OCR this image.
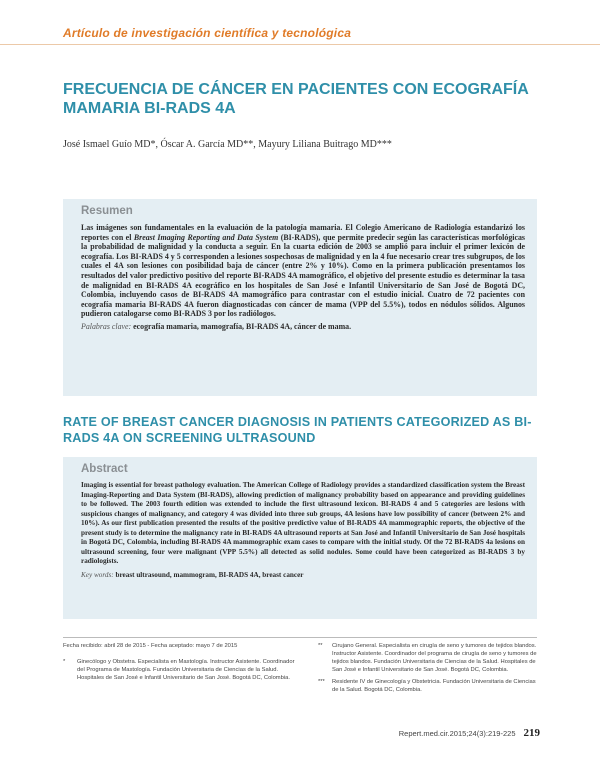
Artículo de investigación científica y tecnológica
FRECUENCIA DE CÁNCER EN PACIENTES CON ECOGRAFÍA MAMARIA BI-RADS 4A
José Ismael Guío MD*, Óscar A. García MD**, Mayury Liliana Buitrago MD***
Resumen

Las imágenes son fundamentales en la evaluación de la patología mamaria. El Colegio Americano de Radiología estandarizó los reportes con el Breast Imaging Reporting and Data System (BI-RADS), que permite predecir según las características morfológicas la probabilidad de malignidad y la conducta a seguir. En la cuarta edición de 2003 se amplió para incluir el primer lexicón de ecografía. Los BI-RADS 4 y 5 corresponden a lesiones sospechosas de malignidad y en la 4 fue necesario crear tres subgrupos, de los cuales el 4A son lesiones con posibilidad baja de cáncer (entre 2% y 10%). Como en la primera publicación presentamos los resultados del valor predictivo positivo del reporte BI-RADS 4A mamográfico, el objetivo del presente estudio es determinar la tasa de malignidad en BI-RADS 4A ecográfico en los hospitales de San José e Infantil Universitario de San José de Bogotá DC, Colombia, incluyendo casos de BI-RADS 4A mamográfico para contrastar con el estudio inicial. Cuatro de 72 pacientes con ecografía mamaria BI-RADS 4A fueron diagnosticadas con cáncer de mama (VPP del 5.5%), todos en nódulos sólidos. Algunos pudieron catalogarse como BI-RADS 3 por los radiólogos.

Palabras clave: ecografía mamaria, mamografía, BI-RADS 4A, cáncer de mama.

RATE OF BREAST CANCER DIAGNOSIS IN PATIENTS CATEGORIZED AS BI-RADS 4A ON SCREENING ULTRASOUND
Abstract

Imaging is essential for breast pathology evaluation. The American College of Radiology provides a standardized classification system the Breast Imaging-Reporting and Data System (BI-RADS), allowing prediction of malignancy probability based on appearance and providing guidelines to be followed. The 2003 fourth edition was extended to include the first ultrasound lexicon. BI-RADS 4 and 5 categories are lesions with suspicious changes of malignancy, and category 4 was divided into three sub groups, 4A lesions have low possibility of cancer (between 2% and 10%). As our first publication presented the results of the positive predictive value of BI-RADS 4A mammographic reports, the objective of the present study is to determine the malignancy rate in BI-RADS 4A ultrasound reports at San José and Infantil Universitario de San José hospitals in Bogotá DC, Colombia, including BI-RADS 4A mammographic exam cases to compare with the initial study. Of the 72 BI-RADS 4a lesions on ultrasound screening, four were malignant (VPP 5.5%) all detected as solid nodules. Some could have been categorized as BI-RADS 3 by radiologists.

Key words: breast ultrasound, mammogram, BI-RADS 4A, breast cancer

Fecha recibido: abril 28 de 2015 - Fecha aceptado: mayo 7 de 2015
*	Ginecólogo y Obstetra. Especialista en Mastología. Instructor Asistente. Coordinador del Programa de Mastología. Fundación Universitaria de Ciencias de la Salud. Hospitales de San José e Infantil Universitario de San José. Bogotá DC, Colombia.
**	Cirujano General. Especialista en cirugía de seno y tumores de tejidos blandos. Instructor Asistente. Coordinador del programa de cirugía de seno y tumores de tejidos blandos. Fundación Universitaria de Ciencias de la Salud. Hospitales de San José e Infantil Universitario de San José. Bogotá DC, Colombia.
***	Residente IV de Ginecología y Obstetricia. Fundación Universitaria de Ciencias de la Salud. Bogotá DC, Colombia.
Repert.med.cir.2015;24(3):219-225 219
